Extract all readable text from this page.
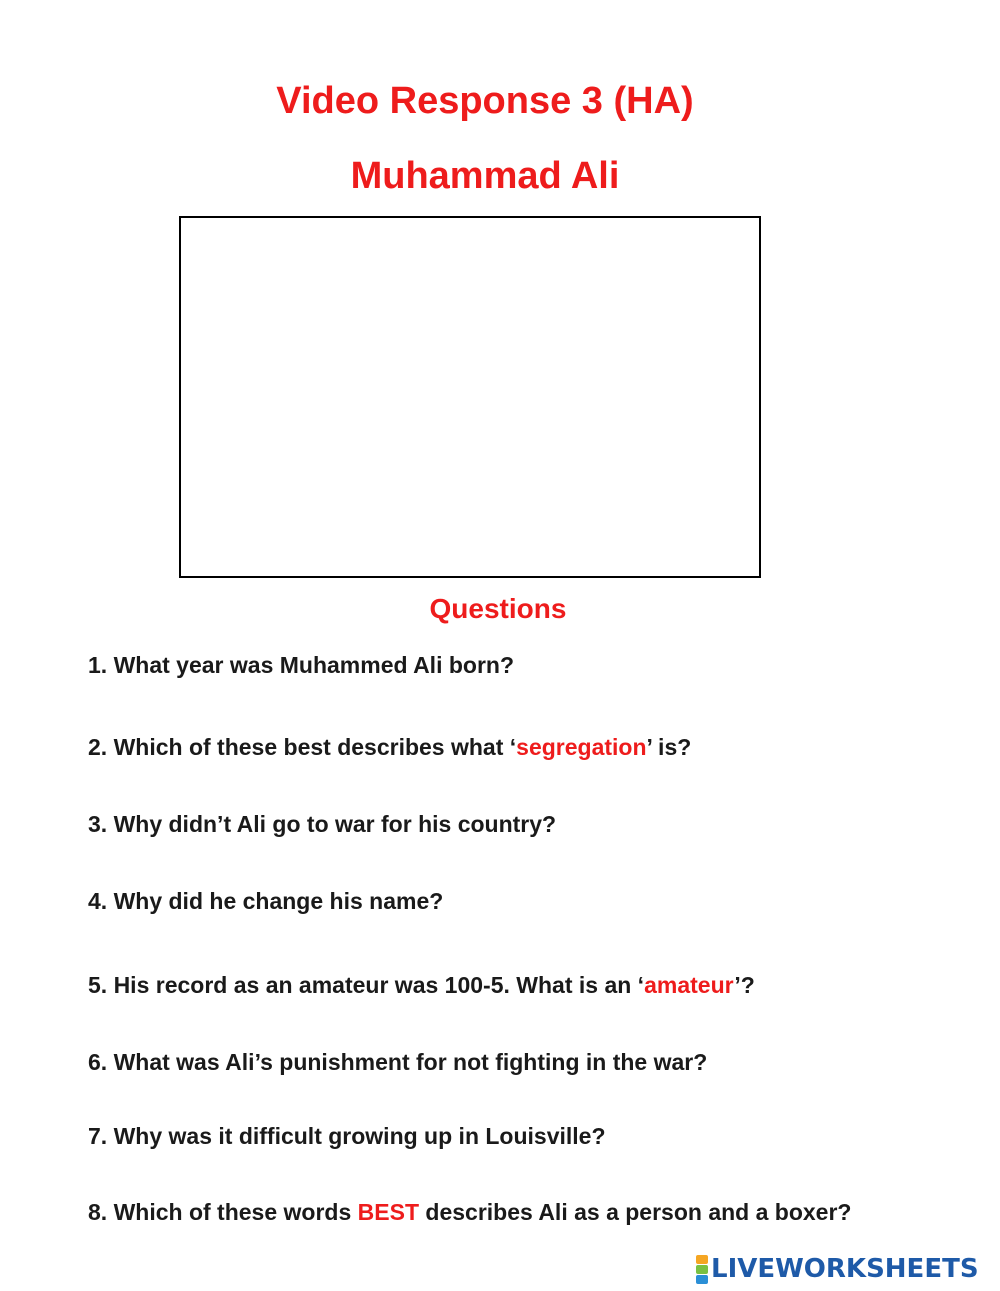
Video Response 3 (HA)
Muhammad Ali
Questions

1. What year was Muhammed Ali born?

2. Which of these best describes what ‘segregation’ is?

3. Why didn’t Ali go to war for his country?

4. Why did he change his name?

5. His record as an amateur was 100-5. What is an ‘amateur’?

6. What was Ali’s punishment for not fighting in the war?

7. Why was it difficult growing up in Louisville?

8. Which of these words BEST describes Ali as a person and a boxer?

LIVEWORKSHEETS
